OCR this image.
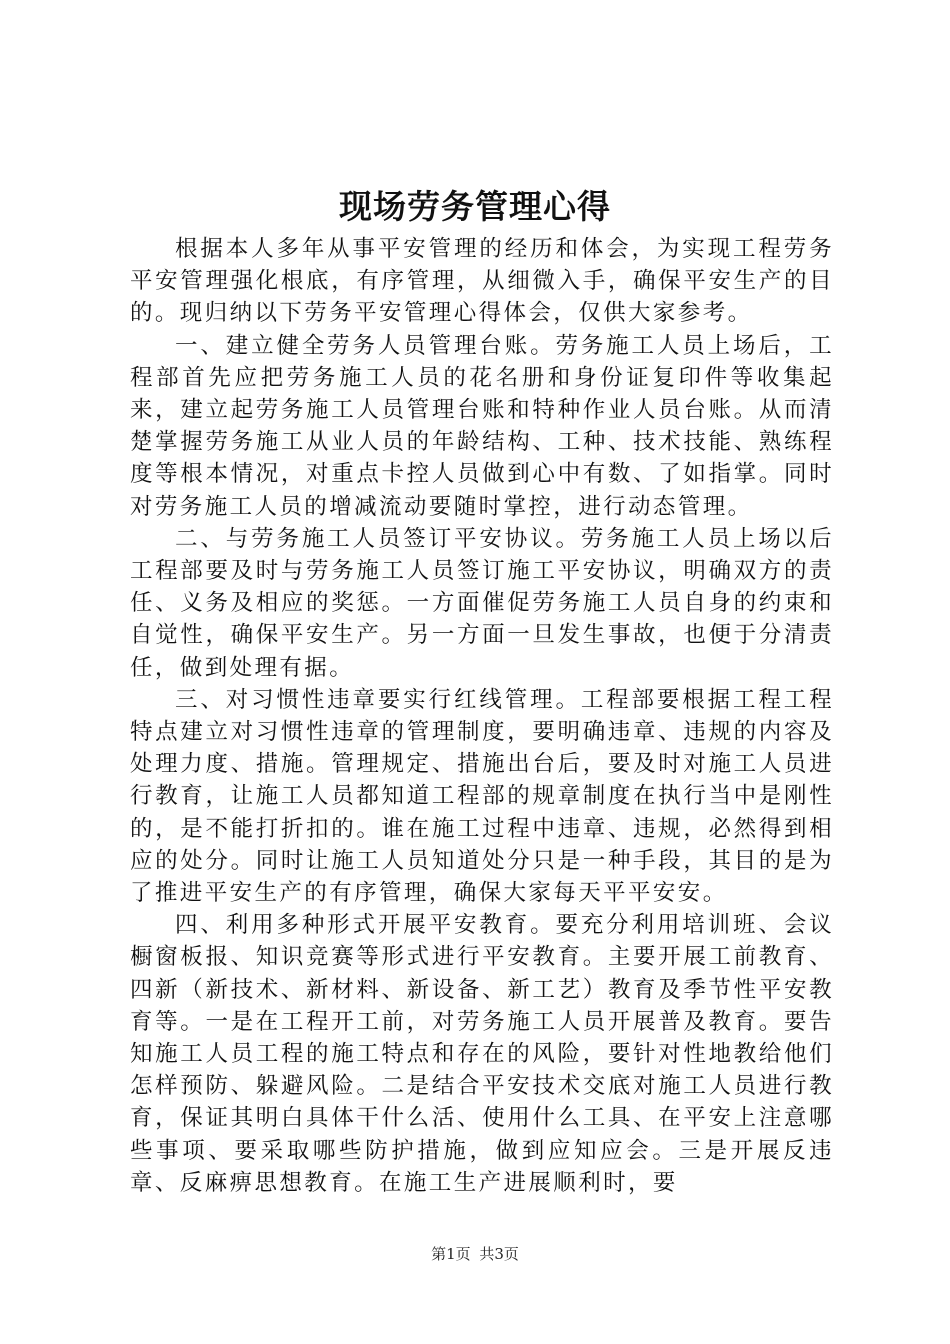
现场劳务管理心得

根据本人多年从事平安管理的经历和体会，为实现工程劳务平安管理强化根底，有序管理，从细微入手，确保平安生产的目的。现归纳以下劳务平安管理心得体会，仅供大家参考。

一、建立健全劳务人员管理台账。劳务施工人员上场后，工程部首先应把劳务施工人员的花名册和身份证复印件等收集起来，建立起劳务施工人员管理台账和特种作业人员台账。从而清楚掌握劳务施工从业人员的年龄结构、工种、技术技能、熟练程度等根本情况，对重点卡控人员做到心中有数、了如指掌。同时对劳务施工人员的增减流动要随时掌控，进行动态管理。

二、与劳务施工人员签订平安协议。劳务施工人员上场以后工程部要及时与劳务施工人员签订施工平安协议，明确双方的责任、义务及相应的奖惩。一方面催促劳务施工人员自身的约束和自觉性，确保平安生产。另一方面一旦发生事故，也便于分清责任，做到处理有据。

三、对习惯性违章要实行红线管理。工程部要根据工程工程特点建立对习惯性违章的管理制度，要明确违章、违规的内容及处理力度、措施。管理规定、措施出台后，要及时对施工人员进行教育，让施工人员都知道工程部的规章制度在执行当中是刚性的，是不能打折扣的。谁在施工过程中违章、违规，必然得到相应的处分。同时让施工人员知道处分只是一种手段，其目的是为了推进平安生产的有序管理，确保大家每天平平安安。

四、利用多种形式开展平安教育。要充分利用培训班、会议橱窗板报、知识竞赛等形式进行平安教育。主要开展工前教育、四新（新技术、新材料、新设备、新工艺）教育及季节性平安教育等。一是在工程开工前，对劳务施工人员开展普及教育。要告知施工人员工程的施工特点和存在的风险，要针对性地教给他们怎样预防、躲避风险。二是结合平安技术交底对施工人员进行教育，保证其明白具体干什么活、使用什么工具、在平安上注意哪些事项、要采取哪些防护措施，做到应知应会。三是开展反违章、反麻痹思想教育。在施工生产进展顺利时，要

第1页 共3页
